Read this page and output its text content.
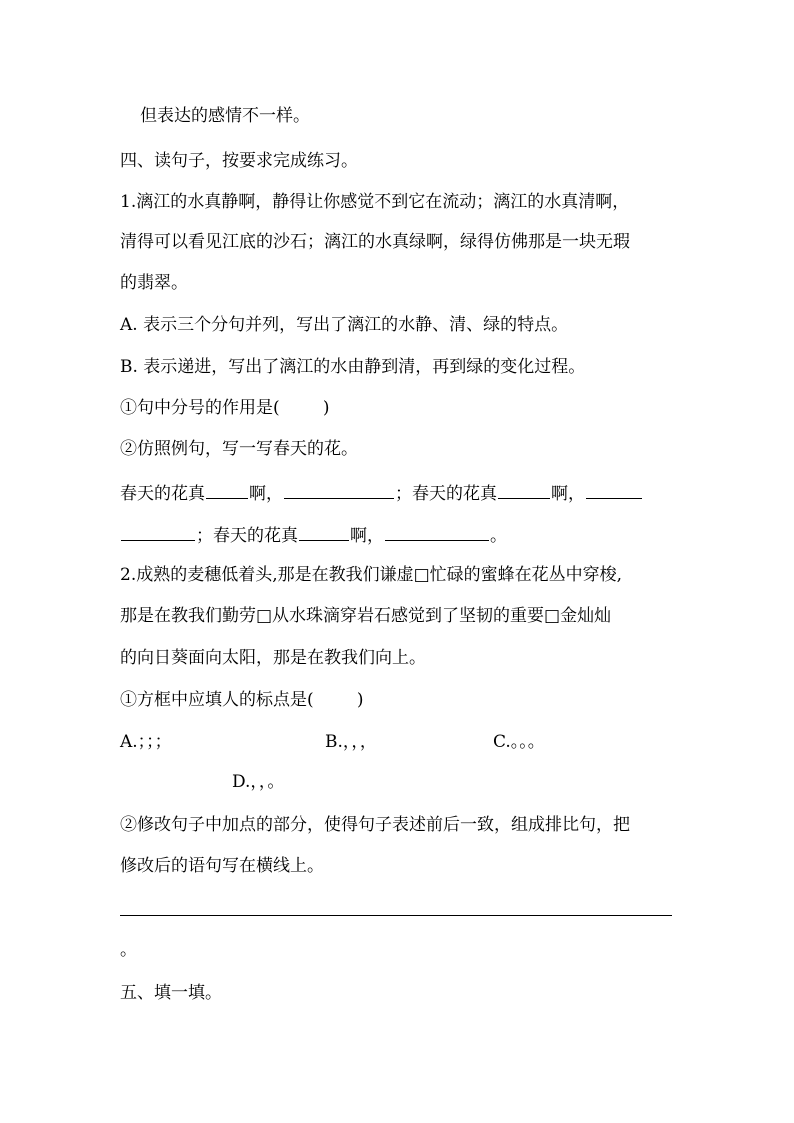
但表达的感情不一样。
四、读句子，按要求完成练习。
1.漓江的水真静啊，静得让你感觉不到它在流动；漓江的水真清啊，
清得可以看见江底的沙石；漓江的水真绿啊，绿得仿佛那是一块无瑕
的翡翠。
A. 表示三个分句并列，写出了漓江的水静、清、绿的特点。
B. 表示递进，写出了漓江的水由静到清，再到绿的变化过程。
①句中分号的作用是(        )
②仿照例句，写一写春天的花。
春天的花真	啊，	；春天的花真	啊，
；春天的花真	啊，	。
2.成熟的麦穗低着头,那是在教我们谦虚□忙碌的蜜蜂在花丛中穿梭,
那是在教我们勤劳□从水珠滴穿岩石感觉到了坚韧的重要□金灿灿
的向日葵面向太阳，那是在教我们向上。
①方框中应填人的标点是(        )
A.；；；	B.，，，	C.。。。
D.，，。
②修改句子中加点的部分，使得句子表述前后一致，组成排比句，把
修改后的语句写在横线上。
。
五、填一填。
